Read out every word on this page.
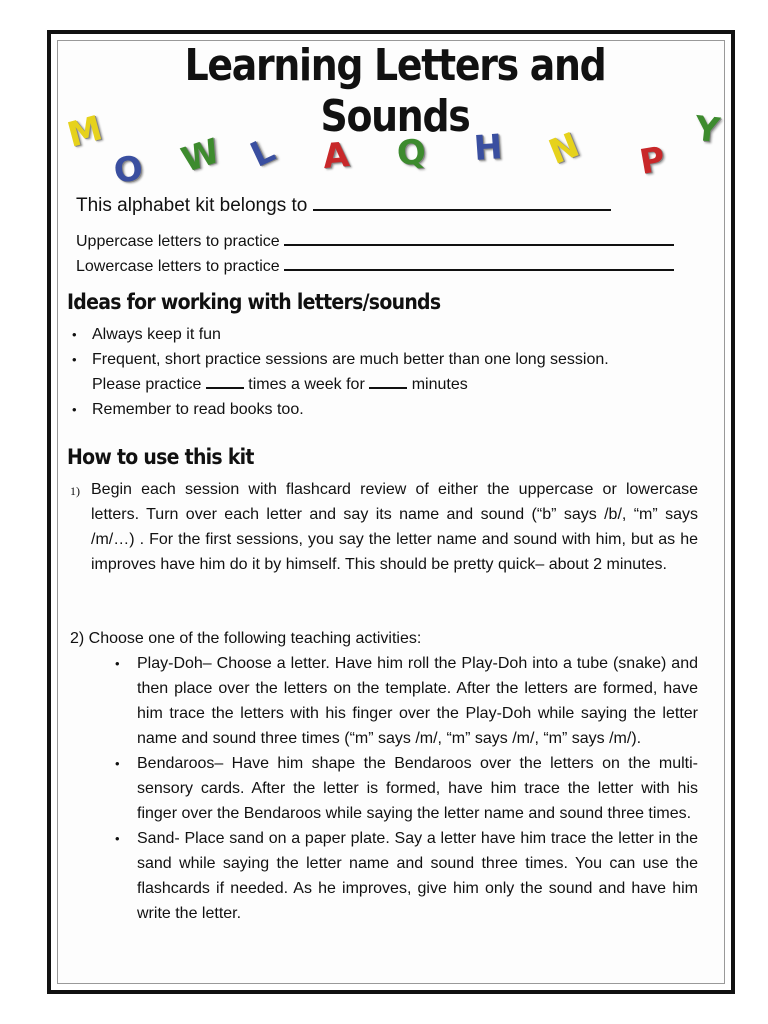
Learning Letters and Sounds
M
O W L A Q H N P
Y
This alphabet kit belongs to
Uppercase letters to practice
Lowercase letters to practice
Ideas for working with letters/sounds
• Always keep it fun
• Frequent, short practice sessions are much better than one long session.
Please practice	times a week for	minutes
• Remember to read books too.
How to use this kit
1) Begin each session with flashcard review of either the uppercase or lowercase letters. Turn over each letter and say its name and sound (“b” says /b/, “m” says /m/…) . For the first sessions, you say the letter name and sound with him, but as he improves have him do it by himself. This should be pretty quick– about 2 minutes.
2) Choose one of the following teaching activities:
• Play-Doh– Choose a letter. Have him roll the Play-Doh into a tube (snake) and then place over the letters on the template. After the letters are formed, have him trace the letters with his finger over the Play-Doh while saying the letter name and sound three times (“m” says /m/, “m” says /m/, “m” says /m/).
• Bendaroos– Have him shape the Bendaroos over the letters on the multi-sensory cards. After the letter is formed, have him trace the letter with his finger over the Bendaroos while saying the letter name and sound three times.
• Sand- Place sand on a paper plate. Say a letter have him trace the letter in the sand while saying the letter name and sound three times. You can use the flashcards if needed. As he improves, give him only the sound and have him write the letter.
